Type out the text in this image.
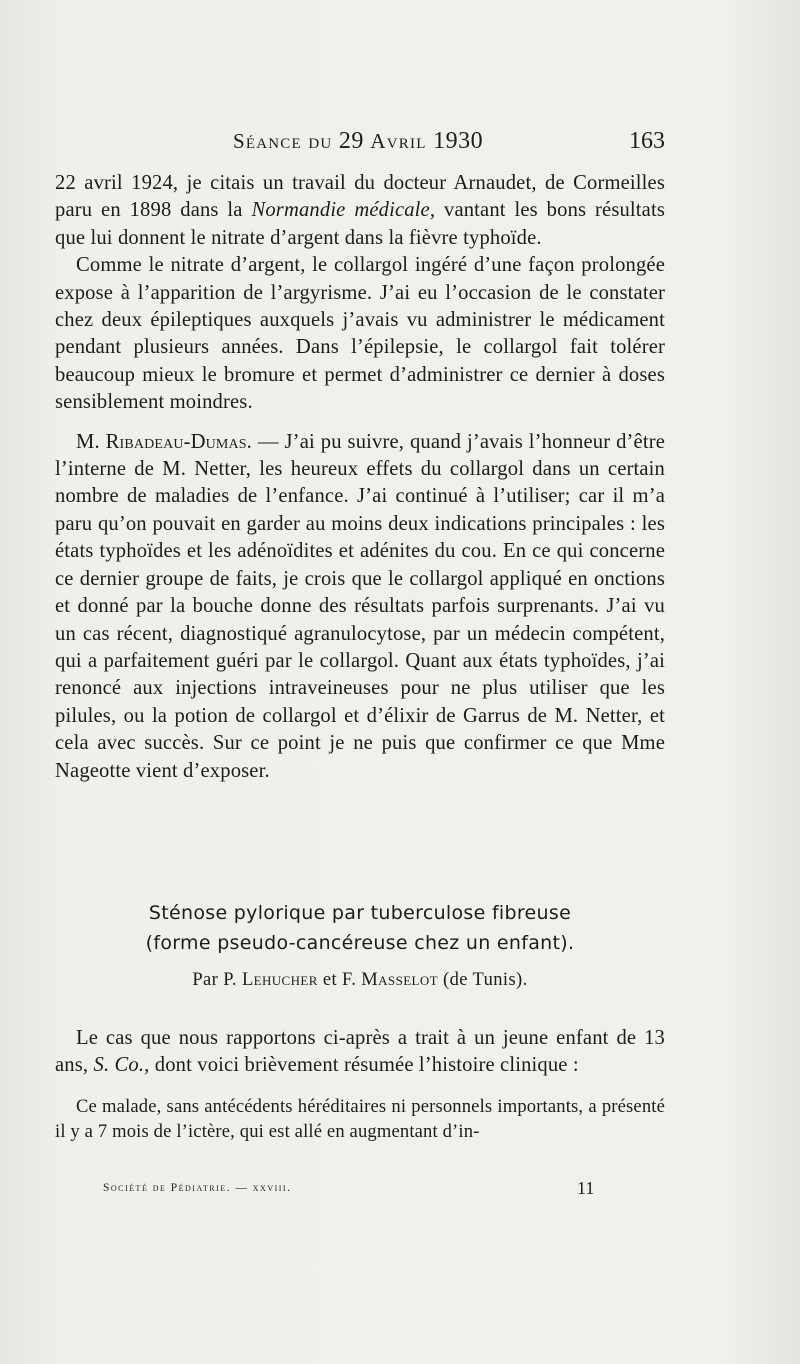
Séance du 29 Avril 1930	163

22 avril 1924, je citais un travail du docteur Arnaudet, de Cormeilles paru en 1898 dans la Normandie médicale, vantant les bons résultats que lui donnent le nitrate d’argent dans la fièvre typhoïde.

Comme le nitrate d’argent, le collargol ingéré d’une façon prolongée expose à l’apparition de l’argyrisme. J’ai eu l’occasion de le constater chez deux épileptiques auxquels j’avais vu administrer le médicament pendant plusieurs années. Dans l’épilepsie, le collargol fait tolérer beaucoup mieux le bromure et permet d’administrer ce dernier à doses sensiblement moindres.

M. Ribadeau-Dumas. — J’ai pu suivre, quand j’avais l’honneur d’être l’interne de M. Netter, les heureux effets du collargol dans un certain nombre de maladies de l’enfance. J’ai continué à l’utiliser; car il m’a paru qu’on pouvait en garder au moins deux indications principales : les états typhoïdes et les adénoïdites et adénites du cou. En ce qui concerne ce dernier groupe de faits, je crois que le collargol appliqué en onctions et donné par la bouche donne des résultats parfois surprenants. J’ai vu un cas récent, diagnostiqué agranulocytose, par un médecin compétent, qui a parfaitement guéri par le collargol. Quant aux états typhoïdes, j’ai renoncé aux injections intraveineuses pour ne plus utiliser que les pilules, ou la potion de collargol et d’élixir de Garrus de M. Netter, et cela avec succès. Sur ce point je ne puis que confirmer ce que Mme Nageotte vient d’exposer.

Sténose pylorique par tuberculose fibreuse
(forme pseudo-cancéreuse chez un enfant).
Par P. Lehucher et F. Masselot (de Tunis).

Le cas que nous rapportons ci-après a trait à un jeune enfant de 13 ans, S. Co., dont voici brièvement résumée l’histoire clinique :

Ce malade, sans antécédents héréditaires ni personnels importants, a présenté il y a 7 mois de l’ictère, qui est allé en augmentant d’in-

Société de Pédiatrie. — xxviii.	11
